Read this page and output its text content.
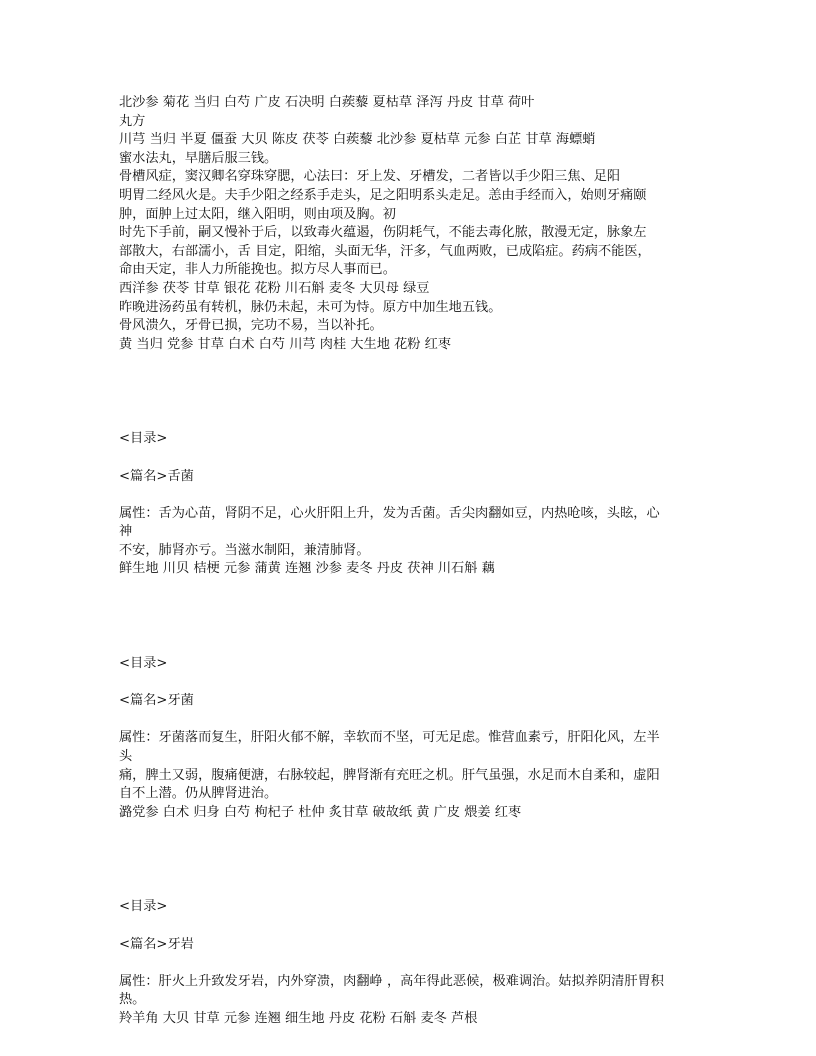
北沙参 菊花 当归 白芍 广皮 石决明 白蒺藜 夏枯草 泽泻 丹皮 甘草 荷叶
丸方
川芎 当归 半夏 僵蚕 大贝 陈皮 茯苓 白蒺藜 北沙参 夏枯草 元参 白芷 甘草 海螵蛸
蜜水法丸，早膳后服三钱。
骨槽风症，窦汉卿名穿珠穿腮，心法曰：牙上发、牙槽发，二者皆以手少阳三焦、足阳
明胃二经风火是。夫手少阳之经系手走头，足之阳明系头走足。恙由手经而入，始则牙痛颐
肿，面肿上过太阳，继入阳明，则由项及胸。初
时先下手前，嗣又慢补于后，以致毒火蕴遏，伤阴耗气，不能去毒化脓，散漫无定，脉象左
部散大，右部濡小，舌 目定，阳缩，头面无华，汗多，气血两败，已成陷症。药病不能医，
命由天定，非人力所能挽也。拟方尽人事而已。
西洋参 茯苓 甘草 银花 花粉 川石斛 麦冬 大贝母 绿豆
昨晚进汤药虽有转机，脉仍未起，未可为恃。原方中加生地五钱。
骨风溃久，牙骨已损，完功不易，当以补托。
黄 当归 党参 甘草 白术 白芍 川芎 肉桂 大生地 花粉 红枣
<目录>
<篇名>舌菌
属性：舌为心苗，肾阴不足，心火肝阳上升，发为舌菌。舌尖肉翻如豆，内热呛咳，头眩，心
神
不安，肺肾亦亏。当滋水制阳，兼清肺肾。
鲜生地 川贝 桔梗 元参 蒲黄 连翘 沙参 麦冬 丹皮 茯神 川石斛 藕
<目录>
<篇名>牙菌
属性：牙菌落而复生，肝阳火郁不解，幸软而不坚，可无足虑。惟营血素亏，肝阳化风，左半
头
痛，脾土又弱，腹痛便溏，右脉较起，脾肾渐有充旺之机。肝气虽强，水足而木自柔和，虚阳
自不上潜。仍从脾肾进治。
潞党参 白术 归身 白芍 枸杞子 杜仲 炙甘草 破故纸 黄 广皮 煨姜 红枣
<目录>
<篇名>牙岩
属性：肝火上升致发牙岩，内外穿溃，肉翻峥 ，高年得此恶候，极难调治。姑拟养阴清肝胃积
热。
羚羊角 大贝 甘草 元参 连翘 细生地 丹皮 花粉 石斛 麦冬 芦根
